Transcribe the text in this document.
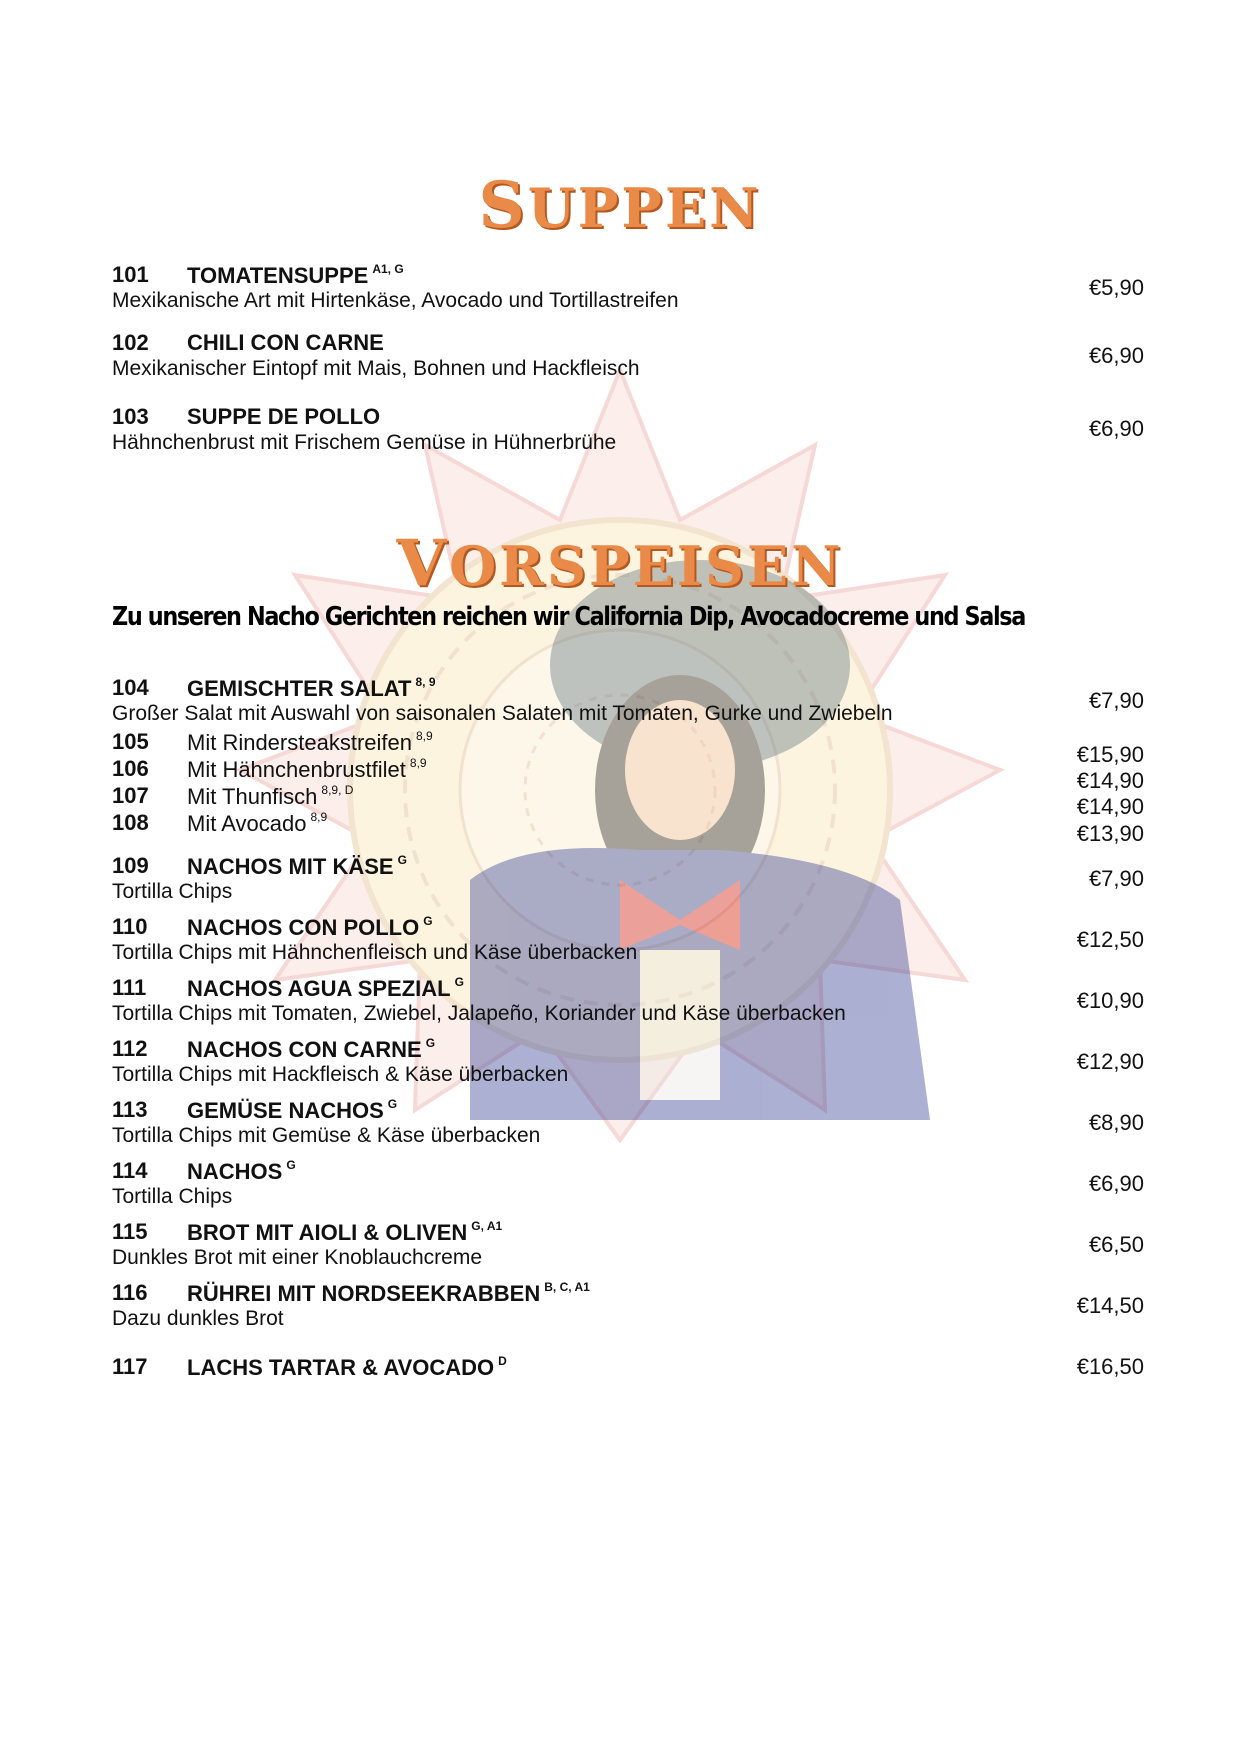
SUPPEN
101 TOMATENSUPPE $^{A1, G}$
Mexikanische Art mit Hirtenkäse, Avocado und Tortillastreifen
€5,90
102 CHILI CON CARNE
Mexikanischer Eintopf mit Mais, Bohnen und Hackfleisch
€6,90
103 SUPPE DE POLLO
Hähnchenbrust mit Frischem Gemüse in Hühnerbrühe
€6,90
VORSPEISEN
Zu unseren Nacho Gerichten reichen wir California Dip, Avocadocreme und Salsa
104 GEMISCHTER SALAT $^{8, 9}$
Großer Salat mit Auswahl von saisonalen Salaten mit Tomaten, Gurke und Zwiebeln
€7,90
105 Mit Rindersteakstreifen $^{8,9}$
106 Mit Hähnchenbrustfilet $^{8,9}$
107 Mit Thunfisch $^{8,9, D}$
108 Mit Avocado $^{8,9}$
€15,90
€14,90
€14,90
€13,90
109 NACHOS MIT KÄSE $^G$
Tortilla Chips
€7,90
110 NACHOS CON POLLO $^G$
Tortilla Chips mit Hähnchenfleisch und Käse überbacken
€12,50
111 NACHOS AGUA SPEZIAL $^G$
Tortilla Chips mit Tomaten, Zwiebel, Jalapeño, Koriander und Käse überbacken
€10,90
112 NACHOS CON CARNE $^G$
Tortilla Chips mit Hackfleisch & Käse überbacken
€12,90
113 GEMÜSE NACHOS $^G$
Tortilla Chips mit Gemüse & Käse überbacken
€8,90
114 NACHOS $^G$
Tortilla Chips
€6,90
115 BROT MIT AIOLI & OLIVEN $^{G, A1}$
Dunkles Brot mit einer Knoblauchcreme
€6,50
116 RÜHREI MIT NORDSEEKRABBEN $^{B, C, A1}$
Dazu dunkles Brot
€14,50
117 LACHS TARTAR & AVOCADO $^D$	€16,50
